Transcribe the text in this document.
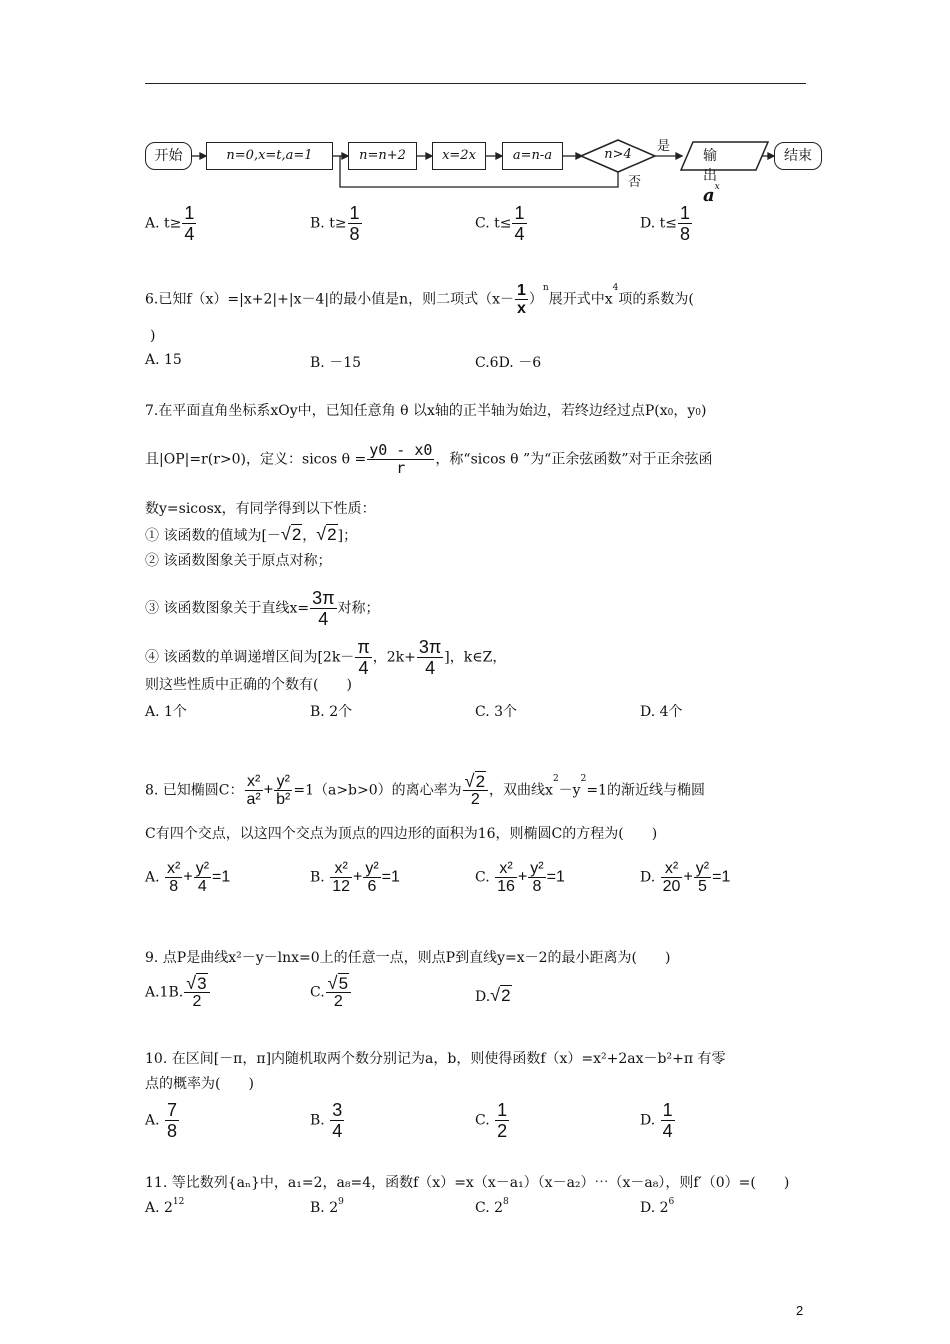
开始	n=0,x=t,a=1	n=n+2	x=2x	a=n-a	n>4
是
否
输出$a^x$
结束
A. $t\ge \frac{1}{4}$	B. $t\ge \frac{1}{8}$	C. $t\le \frac{1}{4}$	D. $t\le \frac{1}{8}$
6.已知f（x）=|x+2|+|x－4|的最小值是n，则二项式$(x- \frac{1}{x} )^n$展开式中$x^4$项的系数为(
)
A. 15	B. －15	C.6D. －6
7.在平面直角坐标系xOy中，已知任意角 θ 以x轴的正半轴为始边，若终边经过点$P(x_0$，$y_0$)
且|OP|=r(r>0)，定义：sicos $\theta = \frac{y0 - x0}{r}$ ，称“sicos θ ”为“正余弦函数”对于正余弦函
数y=sicosx，有同学得到以下性质：
① 该函数的值域为[－√2，√2]；
② 该函数图象关于原点对称；
③ 该函数图象关于直线$x= \frac{3\pi}{4}$ 对称；
④ 该函数的单调递增区间为[$2k- \frac{\pi}{4}$ ，$2k+ \frac{3\pi}{4}$ ]，k∈Z，
则这些性质中正确的个数有(　　)
A. 1个	B. 2个	C. 3个	D. 4个
8. 已知椭圆C： $\frac{\text{x²}}{\text{a²}} + \frac{\text{y²}}{\text{b²}} =1(a>b>0)$的离心率为 $\frac{√2}{2}$ ，双曲线$x^2-y^2=1$的渐近线与椭圆
C有四个交点，以这四个交点为顶点的四边形的面积为16，则椭圆C的方程为(　　)
A. $\frac{\text{x²}}{8} + \frac{\text{y²}}{4} =1$	B. $\frac{\text{x²}}{12} + \frac{\text{y²}}{6} =1$	C. $\frac{\text{x²}}{16} + \frac{\text{y²}}{8} =1$	D. $\frac{\text{x²}}{20} + \frac{\text{y²}}{5} =1$
9. 点P是曲线x²－y－lnx=0上的任意一点，则点P到直线y=x－2的最小距离为(　　)
A.1B. $\frac{√3}{2}$	C. $\frac{√5}{2}$	D.√2
10. 在区间[－π，π]内随机取两个数分别记为a，b，则使得函数f（x）=x²+2ax－b²+π 有零
点的概率为(　　)
A. $\frac{7}{8}$	B. $\frac{3}{4}$	C. $\frac{1}{2}$	D. $\frac{1}{4}$
11. 等比数列{aₙ}中，a₁=2，a₈=4，函数f（x）=x（x－a₁）（x－a₂）⋯（x－a₈），则f′（0）=(　　)
A. $2^{12}$	B. $2^9$	C. $2^8$	D. $2^6$
2
